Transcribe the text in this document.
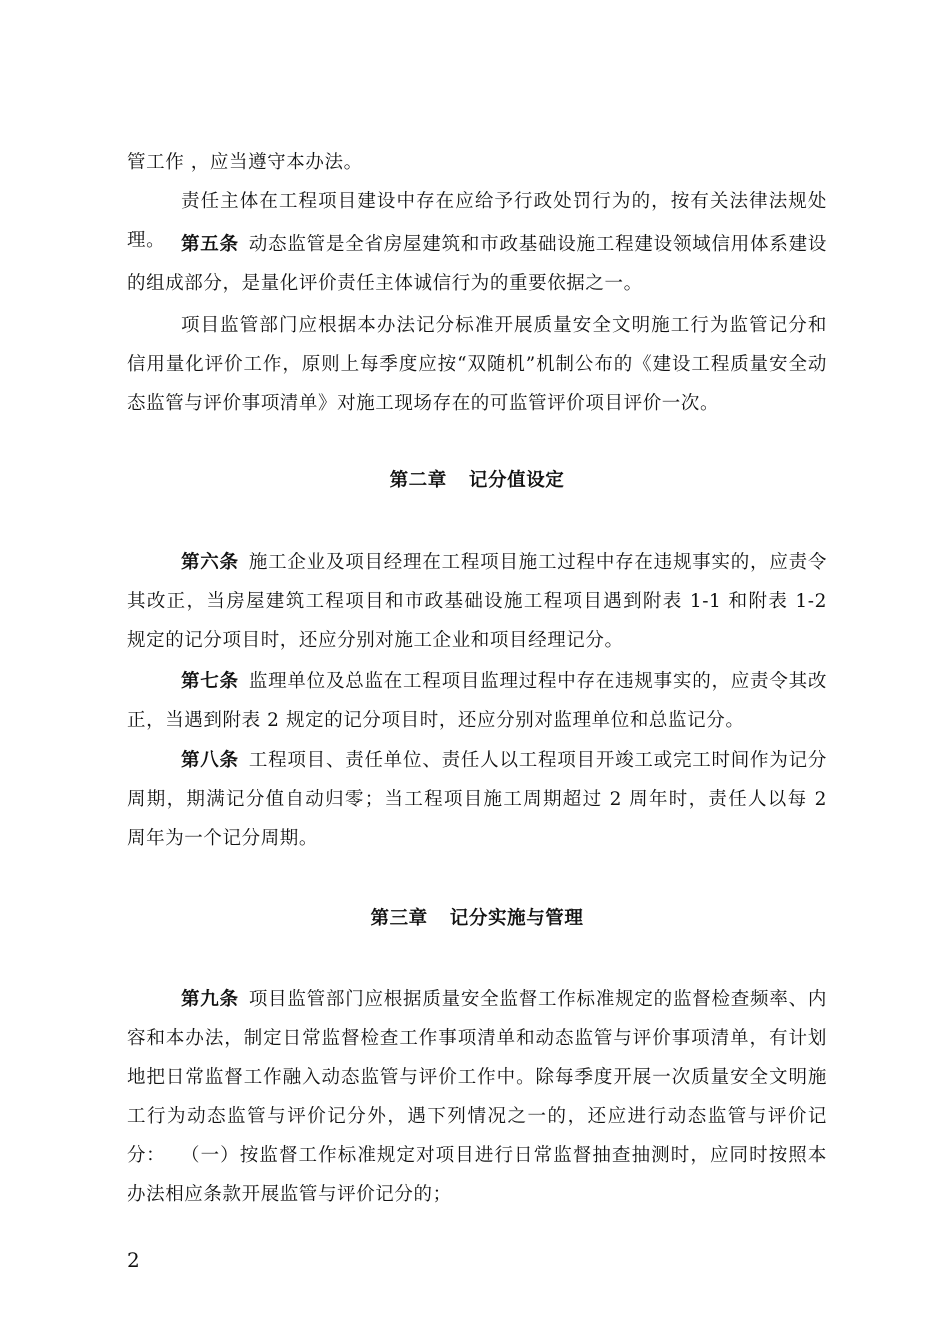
管工作 ，应当遵守本办法。
责任主体在工程项目建设中存在应给予行政处罚行为的，按有关法律法规处理。 第五条 动态监管是全省房屋建筑和市政基础设施工程建设领域信用体系建设的组成部分，是量化评价责任主体诚信行为的重要依据之一。
项目监管部门应根据本办法记分标准开展质量安全文明施工行为监管记分和信用量化评价工作，原则上每季度应按“双随机”机制公布的《建设工程质量安全动态监管与评价事项清单》对施工现场存在的可监管评价项目评价一次。
第二章 记分值设定
第六条 施工企业及项目经理在工程项目施工过程中存在违规事实的，应责令其改正，当房屋建筑工程项目和市政基础设施工程项目遇到附表 1-1 和附表 1-2 规定的记分项目时，还应分别对施工企业和项目经理记分。
第七条 监理单位及总监在工程项目监理过程中存在违规事实的，应责令其改正，当遇到附表 2 规定的记分项目时，还应分别对监理单位和总监记分。
第八条 工程项目、责任单位、责任人以工程项目开竣工或完工时间作为记分周期，期满记分值自动归零；当工程项目施工周期超过 2 周年时，责任人以每 2 周年为一个记分周期。
第三章 记分实施与管理
第九条 项目监管部门应根据质量安全监督工作标准规定的监督检查频率、内容和本办法，制定日常监督检查工作事项清单和动态监管与评价事项清单，有计划地把日常监督工作融入动态监管与评价工作中。除每季度开展一次质量安全文明施工行为动态监管与评价记分外，遇下列情况之一的，还应进行动态监管与评价记分： （一）按监督工作标准规定对项目进行日常监督抽查抽测时，应同时按照本办法相应条款开展监管与评价记分的；
2
